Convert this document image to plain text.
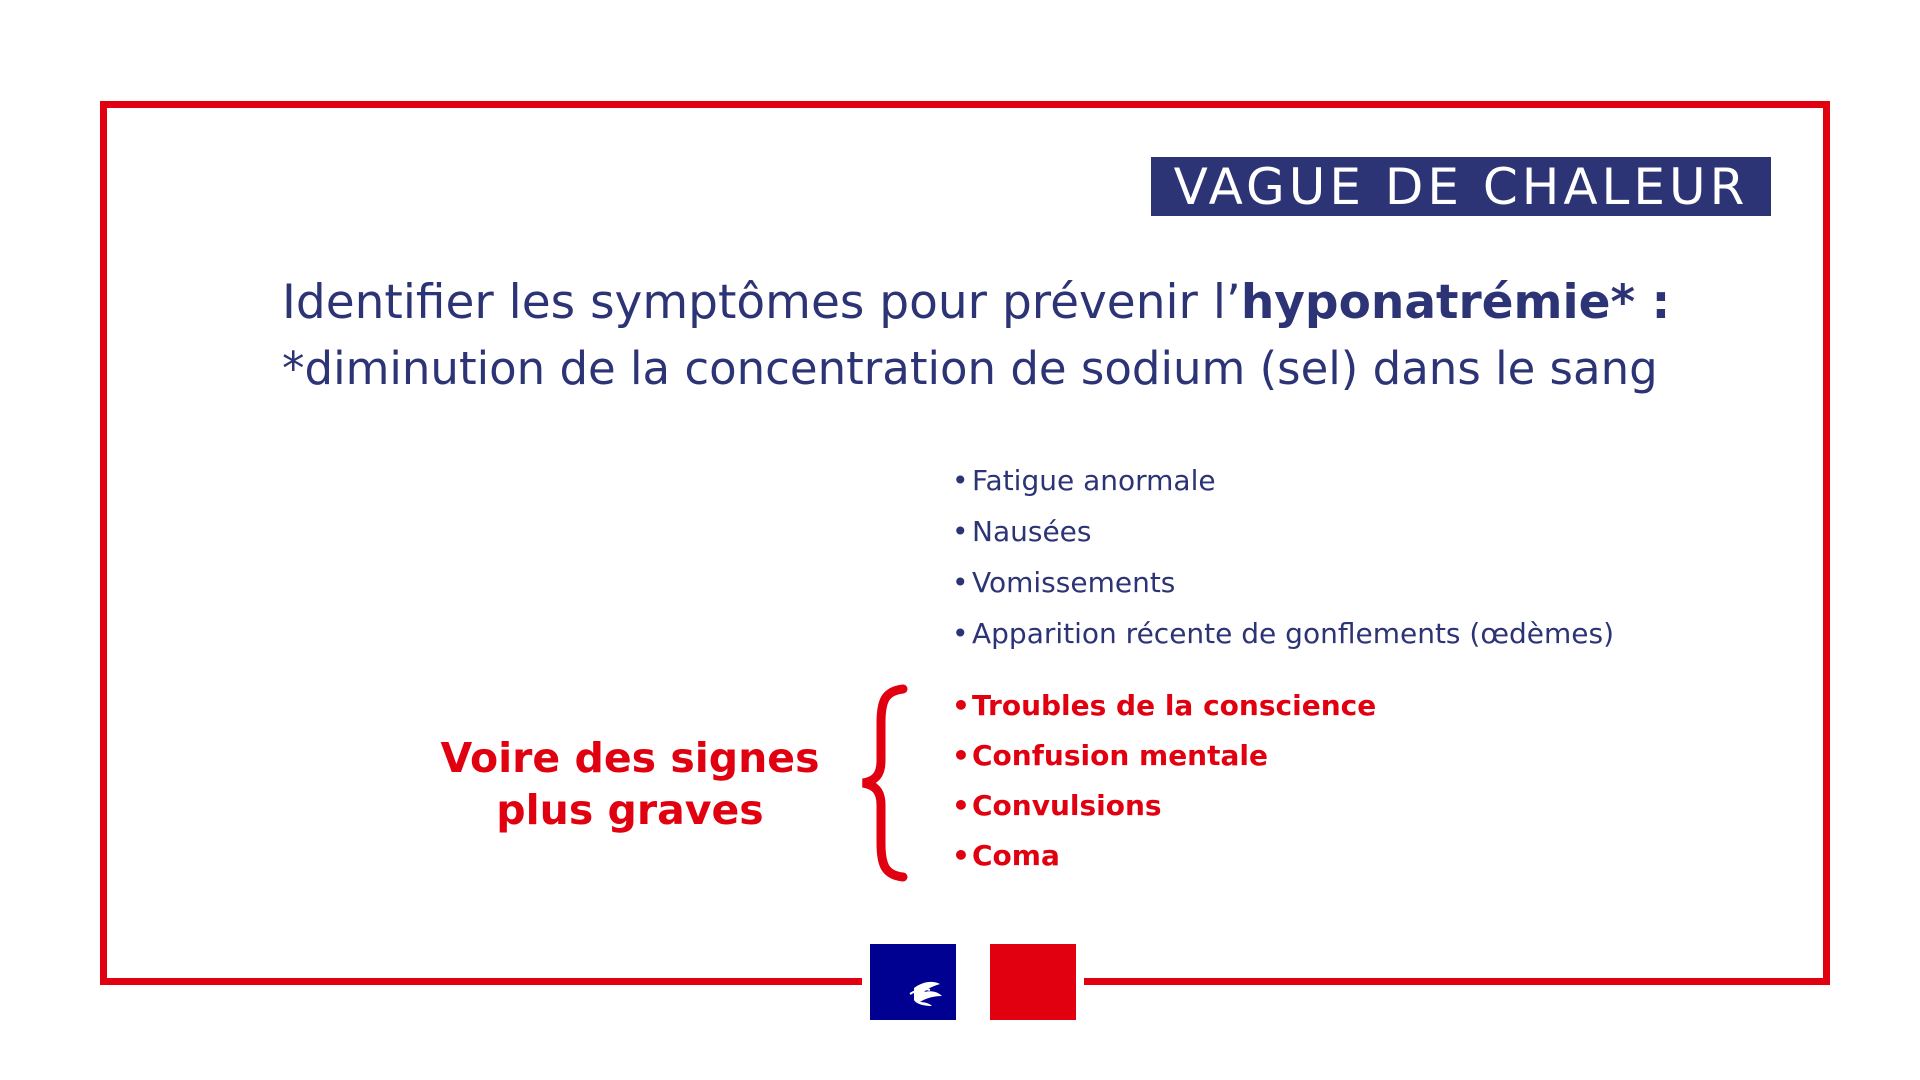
VAGUE DE CHALEUR
Identifier les symptômes pour prévenir l’hyponatrémie* :
*diminution de la concentration de sodium (sel) dans le sang
• Fatigue anormale
• Nausées
• Vomissements
• Apparition récente de gonflements (œdèmes)
Voire des signes
plus graves
• Troubles de la conscience
• Confusion mentale
• Convulsions
• Coma
